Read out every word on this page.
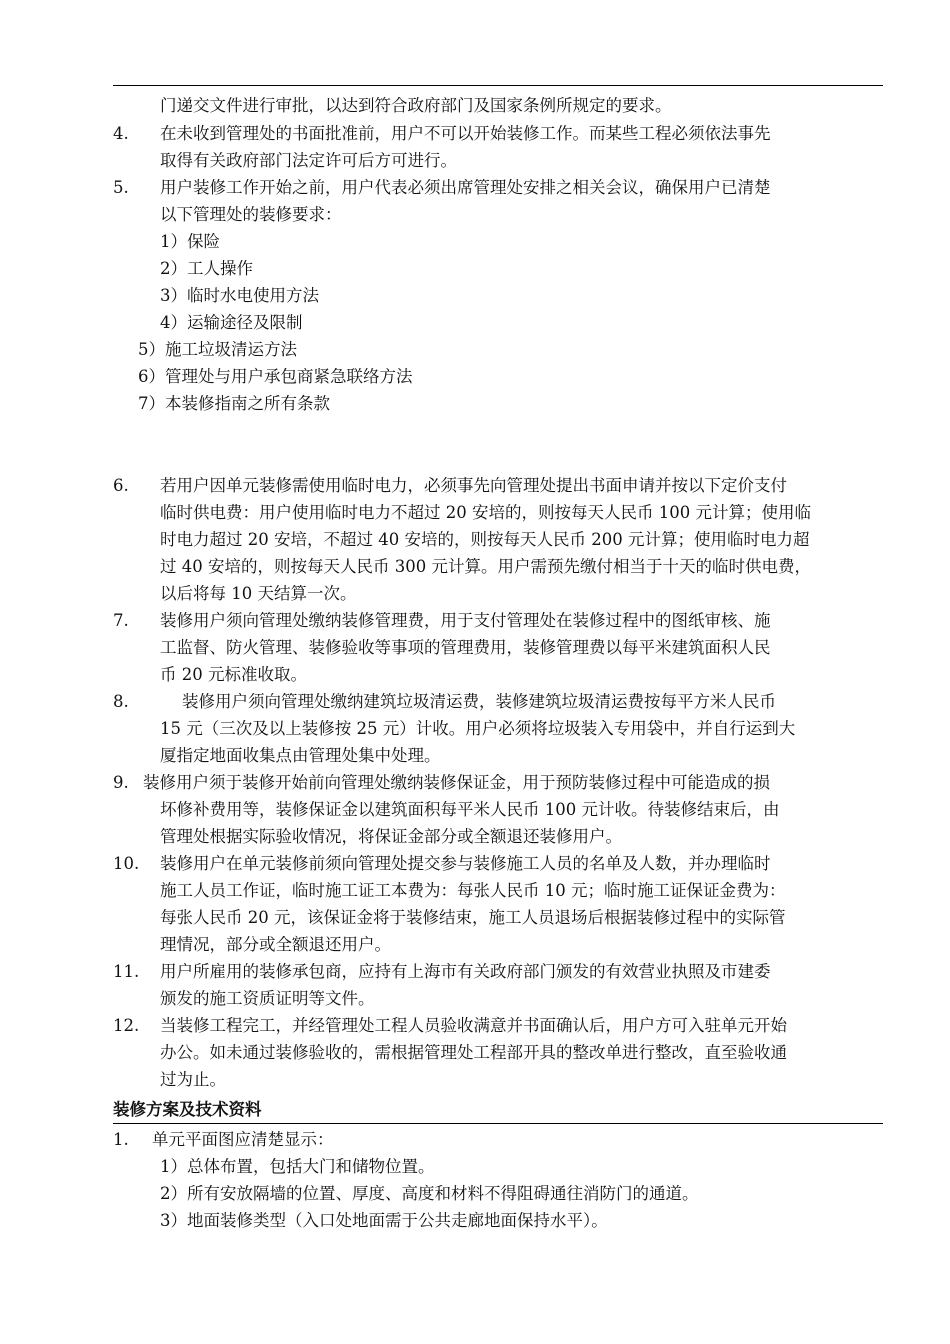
门递交文件进行审批，以达到符合政府部门及国家条例所规定的要求。
4. 在未收到管理处的书面批准前，用户不可以开始装修工作。而某些工程必须依法事先
取得有关政府部门法定许可后方可进行。
5. 用户装修工作开始之前，用户代表必须出席管理处安排之相关会议，确保用户已清楚
以下管理处的装修要求：
1）保险
2）工人操作
3）临时水电使用方法
4）运输途径及限制
5）施工垃圾清运方法
6）管理处与用户承包商紧急联络方法
7）本装修指南之所有条款
6. 若用户因单元装修需使用临时电力，必须事先向管理处提出书面申请并按以下定价支付
临时供电费：用户使用临时电力不超过 20 安培的，则按每天人民币 100 元计算；使用临
时电力超过 20 安培，不超过 40 安培的，则按每天人民币 200 元计算；使用临时电力超
过 40 安培的，则按每天人民币 300 元计算。用户需预先缴付相当于十天的临时供电费，
以后将每 10 天结算一次。
7. 装修用户须向管理处缴纳装修管理费，用于支付管理处在装修过程中的图纸审核、施
工监督、防火管理、装修验收等事项的管理费用，装修管理费以每平米建筑面积人民
币 20 元标准收取。
8.	装修用户须向管理处缴纳建筑垃圾清运费，装修建筑垃圾清运费按每平方米人民币
15 元（三次及以上装修按 25 元）计收。用户必须将垃圾装入专用袋中，并自行运到大
厦指定地面收集点由管理处集中处理。
9. 装修用户须于装修开始前向管理处缴纳装修保证金，用于预防装修过程中可能造成的损
坏修补费用等，装修保证金以建筑面积每平米人民币 100 元计收。待装修结束后，由
管理处根据实际验收情况，将保证金部分或全额退还装修用户。
10. 装修用户在单元装修前须向管理处提交参与装修施工人员的名单及人数，并办理临时
施工人员工作证，临时施工证工本费为：每张人民币 10 元；临时施工证保证金费为：
每张人民币 20 元，该保证金将于装修结束，施工人员退场后根据装修过程中的实际管
理情况，部分或全额退还用户。
11. 用户所雇用的装修承包商，应持有上海市有关政府部门颁发的有效营业执照及市建委
颁发的施工资质证明等文件。
12. 当装修工程完工，并经管理处工程人员验收满意并书面确认后，用户方可入驻单元开始
办公。如未通过装修验收的，需根据管理处工程部开具的整改单进行整改，直至验收通
过为止。
装修方案及技术资料
1. 单元平面图应清楚显示：
1）总体布置，包括大门和储物位置。
2）所有安放隔墙的位置、厚度、高度和材料不得阻碍通往消防门的通道。
3）地面装修类型（入口处地面需于公共走廊地面保持水平）。
